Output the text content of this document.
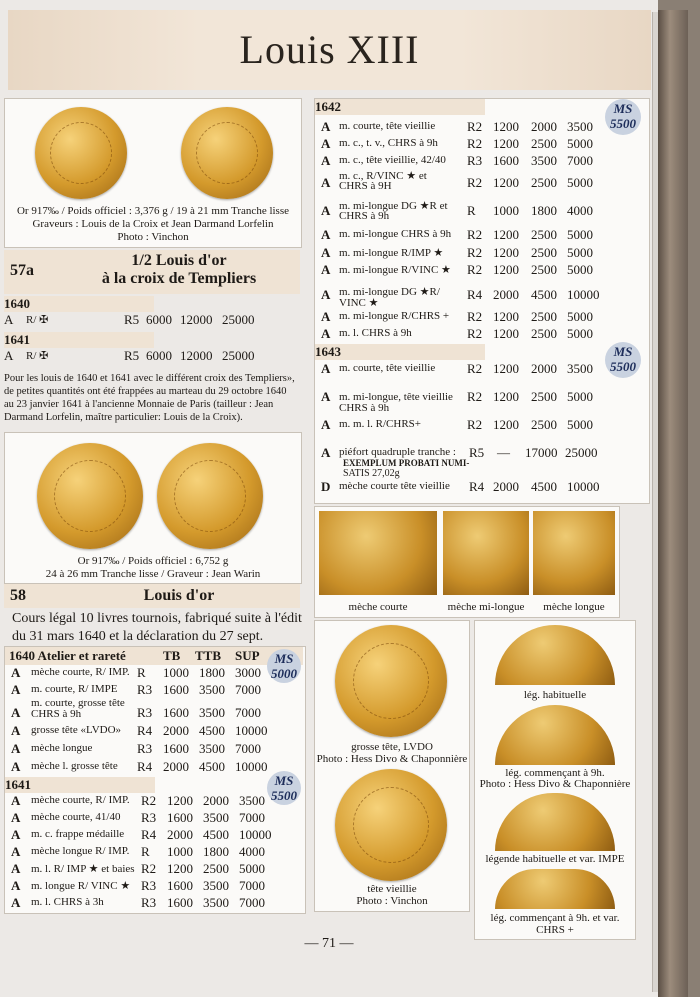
Louis XIII
Or 917‰ / Poids officiel : 3,376 g / 19 à 21 mm Tranche lisse
Graveurs : Louis de la Croix et Jean Darmand Lorfelin
Photo : Vinchon
57a
1/2 Louis d'or
à la croix de Templiers
1640
A R/ ✠	R5 6000 12000 25000
1641
A R/ ✠	R5 6000 12000 25000
Pour les louis de 1640 et 1641 avec le différent croix des Templiers»,
de petites quantités ont été frappées au marteau du 29 octobre 1640
au 23 janvier 1641 à l'ancienne Monnaie de Paris (tailleur : Jean
Darmand Lorfelin, maître particulier: Louis de la Croix).
Or 917‰ / Poids officiel : 6,752 g
24 à 26 mm Tranche lisse / Graveur : Jean Warin
58	Louis d'or
Cours légal 10 livres tournois, fabriqué suite à l'édit
du 31 mars 1640 et la déclaration du 27 sept.
1640 Atelier et rareté	TB TTB SUP	MS
5000
A mèche courte, R/ IMP. R 1000 1800 3000
A m. courte, R/ IMPE R3 1600 3500 7000
A
m. courte, grosse tête
CHRS à 9h	R3 1600 3500 7000
A grosse tête «LVDO» R4 2000 4500 10000
A mèche longue	R3 1600 3500 7000
A mèche l. grosse tête R4 2000 4500 10000
1641	MS
5500
A mèche courte, R/ IMP. R2 1200 2000 3500
A mèche courte, 41/40 R3 1600 3500 7000
A m. c. frappe médaille R4 2000 4500 10000
A mèche longue R/ IMP. R 1000 1800 4000
A m. l. R/ IMP ★ et baies R2 1200 2500 5000
A m. longue R/ VINC ★ R3 1600 3500 7000
A m. l. CHRS à 3h	R3 1600 3500 7000
1642	MS
5500
A m. courte, tête vieillie R2 1200 2000 3500
A m. c., t. v., CHRS à 9h R2 1200 2500 5000
A m. c., tête vieillie, 42/40 R3 1600 3500 7000
A m. c., R/VINC ★ et
CHRS à 9H	R2 1200 2500 5000
A m. mi-longue DG ★R et
CHRS à 9h	R 1000 1800 4000
A m. mi-longue CHRS à 9h R2 1200 2500 5000
A m. mi-longue R/IMP ★ R2 1200 2500 5000
A m. mi-longue R/VINC ★ R2 1200 2500 5000
A m. mi-longue DG ★R/
VINC ★
R4 2000 4500 10000
A m. mi-longue R/CHRS + R2 1200 2500 5000
A m. l. CHRS à 9h	R2 1200 2500 5000
1643	MS
5500
A m. courte, tête vieillie R2 1200 2000 3500
A m. mi-longue, tête vieillie
CHRS à 9h
R2 1200 2500 5000
A m. m. l. R/CHRS+	R2 1200 2500 5000
A piéfort quadruple tranche :
EXEMPLUM PROBATI NUMI-
SATIS 27,02g
R5 — 17000 25000
D mèche courte tête vieillie R4 2000 4500 10000
mèche courte	mèche mi-longue	mèche longue
grosse tête, LVDO
Photo : Hess Divo & Chaponnière
tête vieillie
Photo : Vinchon
lég. habituelle
lég. commençant à 9h.
Photo : Hess Divo & Chaponnière
légende habituelle et var. IMPE
lég. commençant à 9h. et var.
CHRS +
— 71 —
